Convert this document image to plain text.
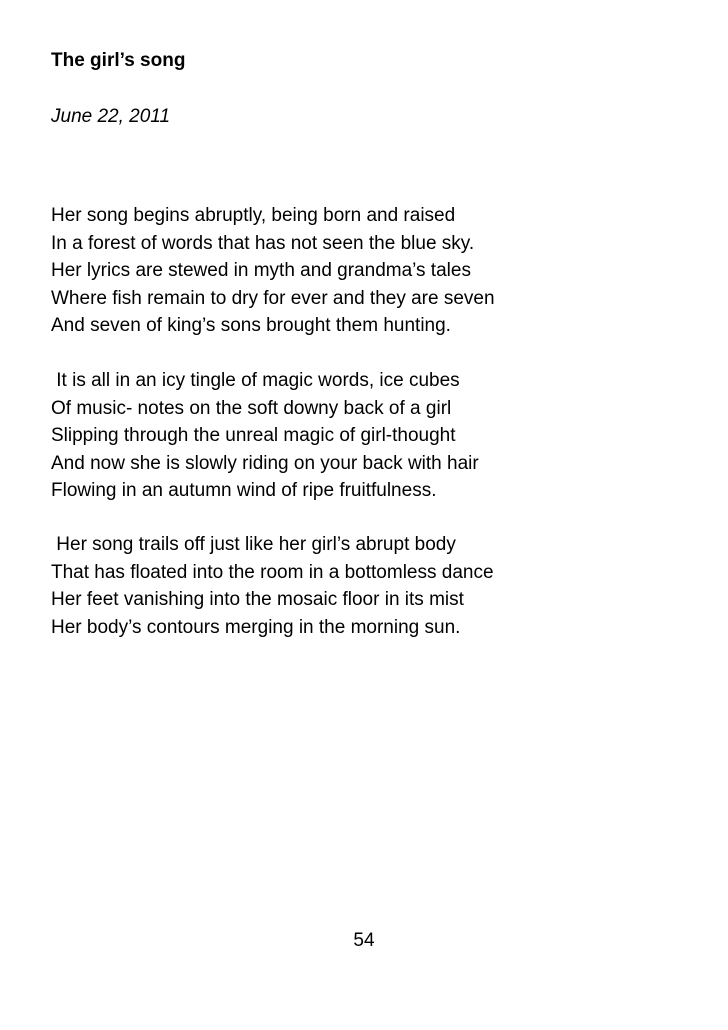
The girl’s song
June 22, 2011
Her song begins abruptly, being born and raised
In a forest of words that has not seen the blue sky.
Her lyrics are stewed in myth and grandma’s tales
Where fish remain to dry for ever and they are seven
And seven of king’s sons brought them hunting.
It is all in an icy tingle of magic words, ice cubes
Of music- notes on the soft downy back of a girl
Slipping through the unreal magic of girl-thought
And now she is slowly riding on your back with hair
Flowing in an autumn wind of ripe fruitfulness.
Her song trails off just like her girl’s abrupt body
That has floated into the room in a bottomless dance
Her feet vanishing into the mosaic floor in its mist
Her body’s contours merging in the morning sun.
54
